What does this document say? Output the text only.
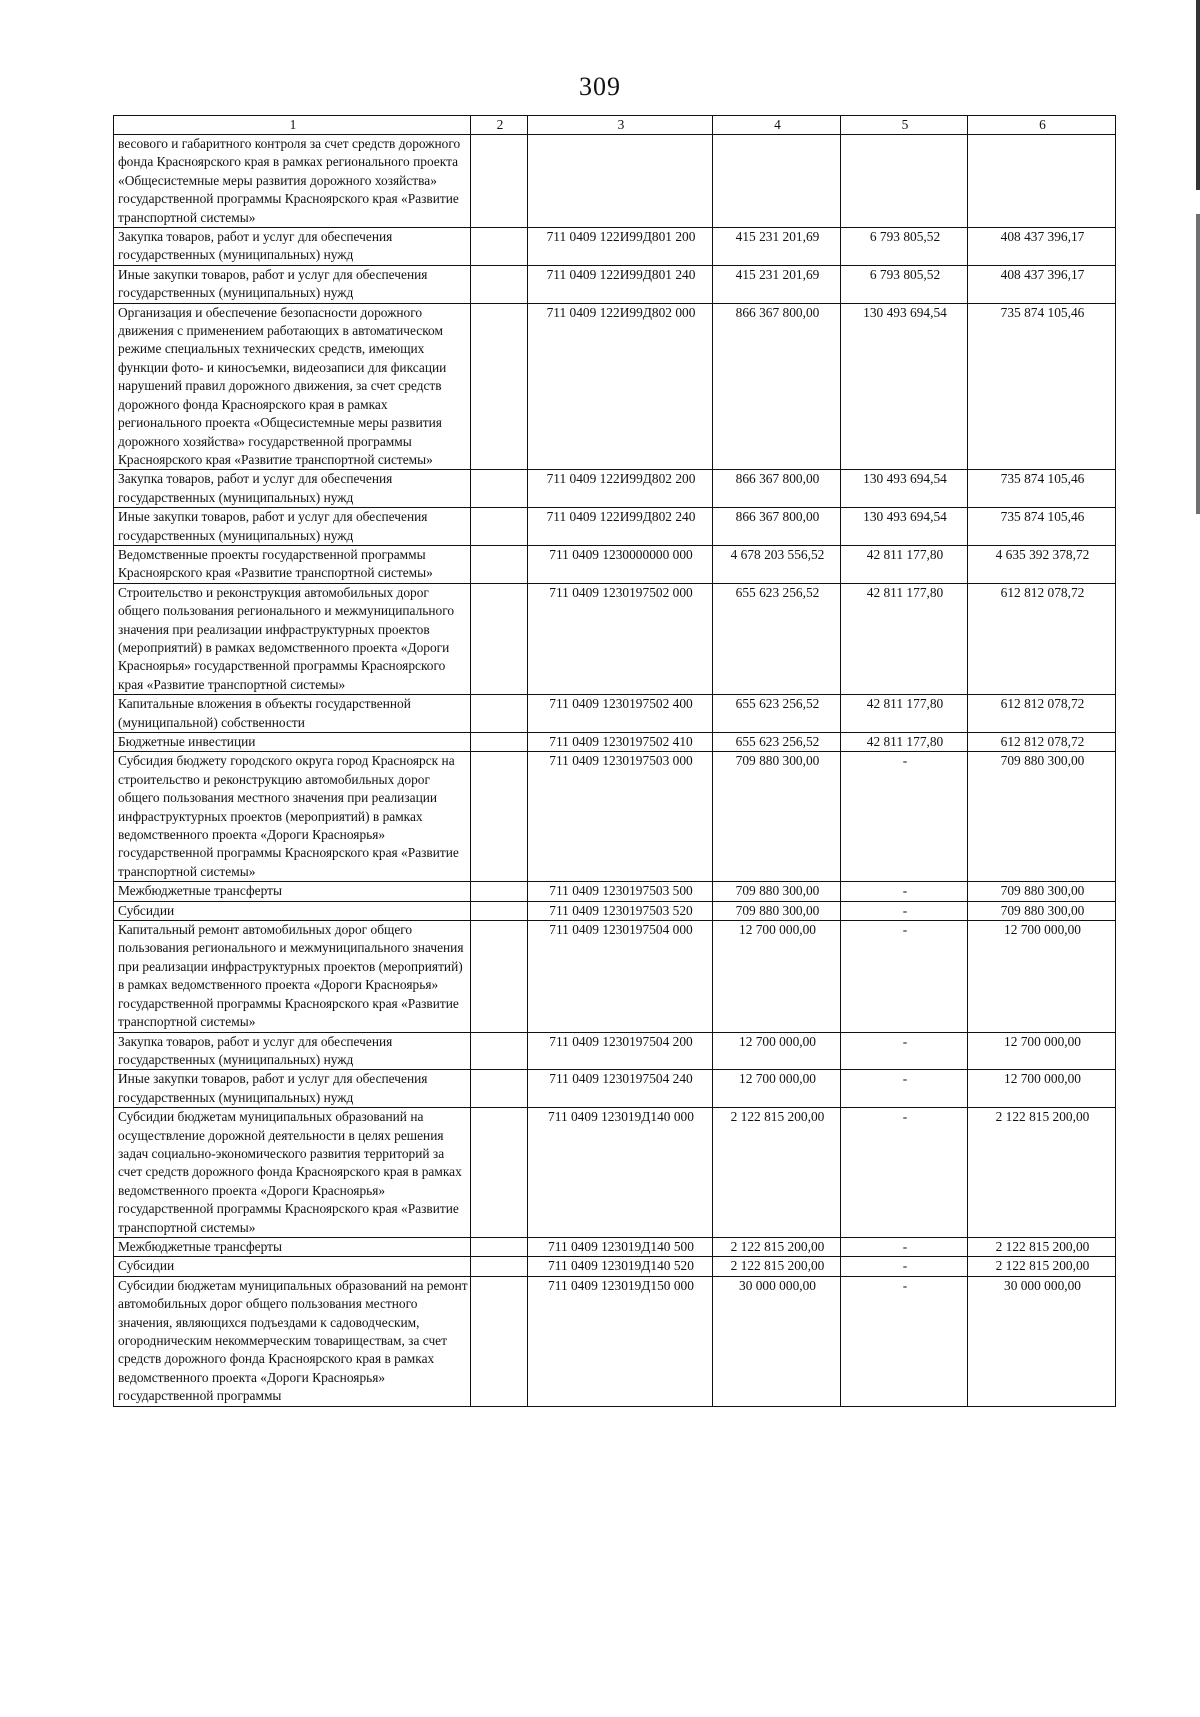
309
1	2	3	4	5	6
весового и габаритного контроля за счет средств дорожного фонда Красноярского края в рамках регионального проекта «Общесистемные меры развития дорожного хозяйства» государственной программы Красноярского края «Развитие транспортной системы»					
Закупка товаров, работ и услуг для обеспечения государственных (муниципальных) нужд		711 0409 122И99Д801 200	415 231 201,69	6 793 805,52	408 437 396,17
Иные закупки товаров, работ и услуг для обеспечения государственных (муниципальных) нужд		711 0409 122И99Д801 240	415 231 201,69	6 793 805,52	408 437 396,17
Организация и обеспечение безопасности дорожного движения с применением работающих в автоматическом режиме специальных технических средств, имеющих функции фото- и киносъемки, видеозаписи для фиксации нарушений правил дорожного движения, за счет средств дорожного фонда Красноярского края в рамках регионального проекта «Общесистемные меры развития дорожного хозяйства» государственной программы Красноярского края «Развитие транспортной системы»		711 0409 122И99Д802 000	866 367 800,00	130 493 694,54	735 874 105,46
Закупка товаров, работ и услуг для обеспечения государственных (муниципальных) нужд		711 0409 122И99Д802 200	866 367 800,00	130 493 694,54	735 874 105,46
Иные закупки товаров, работ и услуг для обеспечения государственных (муниципальных) нужд		711 0409 122И99Д802 240	866 367 800,00	130 493 694,54	735 874 105,46
Ведомственные проекты государственной программы Красноярского края «Развитие транспортной системы»		711 0409 1230000000 000	4 678 203 556,52	42 811 177,80	4 635 392 378,72
Строительство и реконструкция автомобильных дорог общего пользования регионального и межмуниципального значения при реализации инфраструктурных проектов (мероприятий) в рамках ведомственного проекта «Дороги Красноярья» государственной программы Красноярского края «Развитие транспортной системы»		711 0409 1230197502 000	655 623 256,52	42 811 177,80	612 812 078,72
Капитальные вложения в объекты государственной (муниципальной) собственности		711 0409 1230197502 400	655 623 256,52	42 811 177,80	612 812 078,72
Бюджетные инвестиции		711 0409 1230197502 410	655 623 256,52	42 811 177,80	612 812 078,72
Субсидия бюджету городского округа город Красноярск на строительство и реконструкцию автомобильных дорог общего пользования местного значения при реализации инфраструктурных проектов (мероприятий) в рамках ведомственного проекта «Дороги Красноярья» государственной программы Красноярского края «Развитие транспортной системы»		711 0409 1230197503 000	709 880 300,00	-	709 880 300,00
Межбюджетные трансферты		711 0409 1230197503 500	709 880 300,00	-	709 880 300,00
Субсидии		711 0409 1230197503 520	709 880 300,00	-	709 880 300,00
Капитальный ремонт автомобильных дорог общего пользования регионального и межмуниципального значения при реализации инфраструктурных проектов (мероприятий) в рамках ведомственного проекта «Дороги Красноярья» государственной программы Красноярского края «Развитие транспортной системы»		711 0409 1230197504 000	12 700 000,00	-	12 700 000,00
Закупка товаров, работ и услуг для обеспечения государственных (муниципальных) нужд		711 0409 1230197504 200	12 700 000,00	-	12 700 000,00
Иные закупки товаров, работ и услуг для обеспечения государственных (муниципальных) нужд		711 0409 1230197504 240	12 700 000,00	-	12 700 000,00
Субсидии бюджетам муниципальных образований на осуществление дорожной деятельности в целях решения задач социально-экономического развития территорий за счет средств дорожного фонда Красноярского края в рамках ведомственного проекта «Дороги Красноярья» государственной программы Красноярского края «Развитие транспортной системы»		711 0409 123019Д140 000	2 122 815 200,00	-	2 122 815 200,00
Межбюджетные трансферты		711 0409 123019Д140 500	2 122 815 200,00	-	2 122 815 200,00
Субсидии		711 0409 123019Д140 520	2 122 815 200,00	-	2 122 815 200,00
Субсидии бюджетам муниципальных образований на ремонт автомобильных дорог общего пользования местного значения, являющихся подъездами к садоводческим, огородническим некоммерческим товариществам, за счет средств дорожного фонда Красноярского края в рамках ведомственного проекта «Дороги Красноярья» государственной программы		711 0409 123019Д150 000	30 000 000,00	-	30 000 000,00
